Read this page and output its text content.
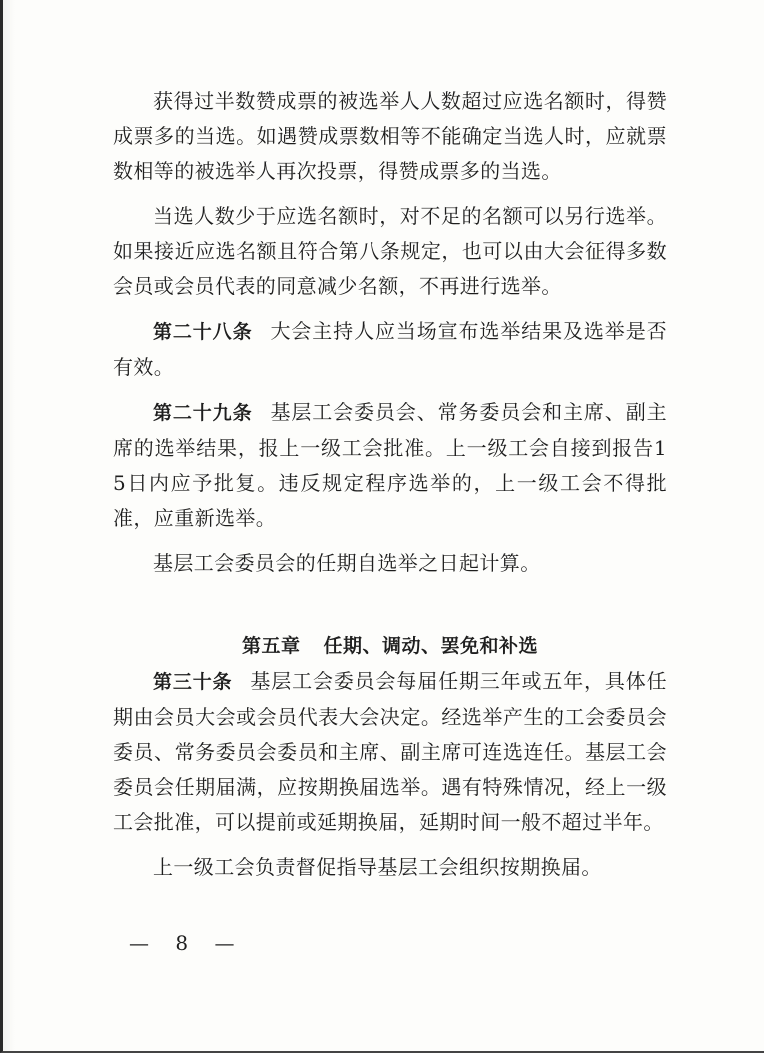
获得过半数赞成票的被选举人人数超过应选名额时，得赞成票多的当选。如遇赞成票数相等不能确定当选人时，应就票数相等的被选举人再次投票，得赞成票多的当选。

当选人数少于应选名额时，对不足的名额可以另行选举。如果接近应选名额且符合第八条规定，也可以由大会征得多数会员或会员代表的同意减少名额，不再进行选举。

第二十八条 大会主持人应当场宣布选举结果及选举是否有效。

第二十九条 基层工会委员会、常务委员会和主席、副主席的选举结果，报上一级工会批准。上一级工会自接到报告15日内应予批复。违反规定程序选举的，上一级工会不得批准，应重新选举。

基层工会委员会的任期自选举之日起计算。

第五章 任期、调动、罢免和补选

第三十条 基层工会委员会每届任期三年或五年，具体任期由会员大会或会员代表大会决定。经选举产生的工会委员会委员、常务委员会委员和主席、副主席可连选连任。基层工会委员会任期届满，应按期换届选举。遇有特殊情况，经上一级工会批准，可以提前或延期换届，延期时间一般不超过半年。

上一级工会负责督促指导基层工会组织按期换届。

— 8 —
